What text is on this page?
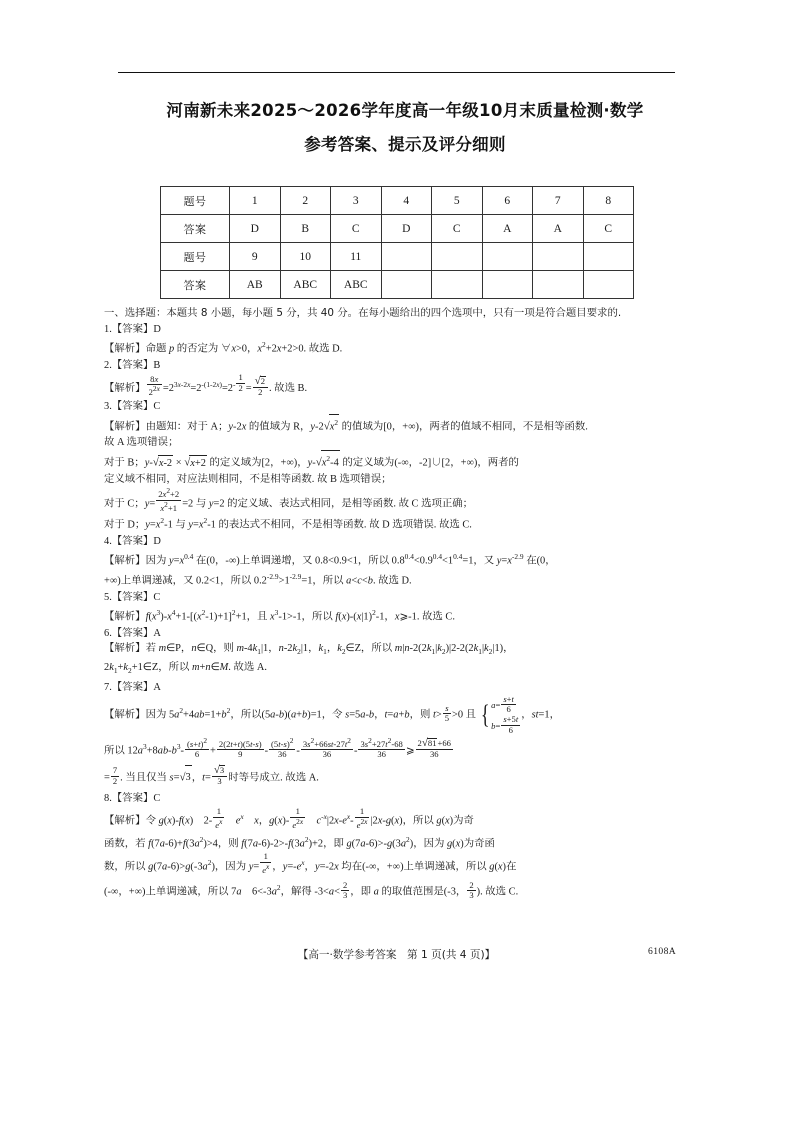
河南新未来2025～2026学年度高一年级10月末质量检测·数学
参考答案、提示及评分细则
题号	1	2	3	4	5	6	7	8
答案	D	B	C	D	C	A	A	C
题号	9	10	11					
答案	AB	ABC	ABC					
一、选择题：本题共 8 小题，每小题 5 分，共 40 分。在每小题给出的四个选项中，只有一项是符合题目要求的.
1.【答案】D

【解析】命题 p 的否定为 ∀x>0，$x^2+2x+2>0$. 故选 D.

2.【答案】B

【解析】 $\frac{8x}{2^{2x}} =2^{3x-2x}=2^{-(1-2x)}=2^{- \frac{1}{2}} = \frac{√2}{2}$ . 故选 B.

3.【答案】C

【解析】由题知：对于 A；y-2x 的值域为 R，$y-2√x^2$ 的值域为[0，+∞)，两者的值域不相同，不是相等函数.

故 A 选项错误；

对于 B；y-√x-2 × √x+2 的定义域为[2，+∞)，$y-√x^2-4$ 的定义域为(-∞，-2]∪[2，+∞)，两者的

定义域不相同，对应法则相同，不是相等函数. 故 B 选项错误；

对于 C；$y= \frac{2x^2+2}{x^2+1} =2$ 与 y=2 的定义域、表达式相同，是相等函数. 故 C 选项正确；

对于 D；$y=x^2-1$ 与 $y=x^2-1$ 的表达式不相同，不是相等函数. 故 D 选项错误. 故选 C.

4.【答案】D

【解析】因为 $y=x^{0.4}$ 在(0，-∞)上单调递增，又 0.8<0.9<1，所以 $0.8^{0.4}<0.9^{0.4}<1^{0.4}=1$，又 $y=x^{-2.9}$ 在(0，

+∞)上单调递减，又 0.2<1，所以 $0.2^{-2.9}>1^{-2.9}=1$，所以 a<c<b. 故选 D.

5.【答案】C

【解析】$f(x^3)-x^4+1-[(x^2-1)+1]^2+1$，且 $x^3-1>-1$，所以 $f(x)-(x|1)^2-1$，x⩾-1. 故选 C.

6.【答案】A

【解析】若 m∈P，n∈Q，则 $m-4k_1|1$，$n-2k_2|1$，$k_1$，$k_2\in Z$，所以 $m|n-2(2k_1|k_2)|2-2(2k_1|k_2|1)$，

$2k_1+k_2+1\in Z$，所以 m+n∈M. 故选 A.

7.【答案】A

【解析】因为 $5a^2+4ab=1+b^2$，所以(5a-b)(a+b)=1，令 s=5a-b，t=a+b，则 $t> \frac{s}{5} >0$ 且 { $a= \frac{s+t}{6}$

$b= \frac{s+5t}{6}$
，st=1，

所以 $12a^3+8ab-b^3- \frac{(s+t)^2}{6} + \frac{2(2t+t)(5t-s)}{9} - \frac{(5t-s)^2}{36} - \frac{3s^2+66st-27t^2}{36} - \frac{3s^2+27t^2-68}{36}$ ⩾ $\frac{2√81+66}{36}$

= $\frac{7}{2}$ . 当且仅当 s=√3，$t= \frac{√3}{3}$ 时等号成立. 故选 A.

8.【答案】C

【解析】令 g(x)-f(x)　$2- \frac{1}{e^x}$
　 $e^x$　 x，$g(x)- \frac{1}{e^{2x}}$
　 $c^{-x}|2x-e^x- \frac{1}{e^{2x}} |2x-g(x)$，所以 g(x)为奇

函数，若 $f(7a-6)+f(3a^2)>4$，则 $f(7a-6)-2>-f(3a^2)+2$，即 $g(7a-6)>-g(3a^2)$，因为 g(x)为奇函

数，所以 $g(7a-6)>g(-3a^2)$，因为 $y= \frac{1}{e^x}$ ，$y=-e^x$，y=-2x 均在(-∞，+∞)上单调递减，所以 g(x)在

(-∞，+∞)上单调递减，所以 7a　$6<-3a^2$，解得 $-3<a< \frac{2}{3}$ ，即 a 的取值范围是(-3， $\frac{2}{3}$ ). 故选 C.

【高一·数学参考答案　第 1 页(共 4 页)】	6108A
